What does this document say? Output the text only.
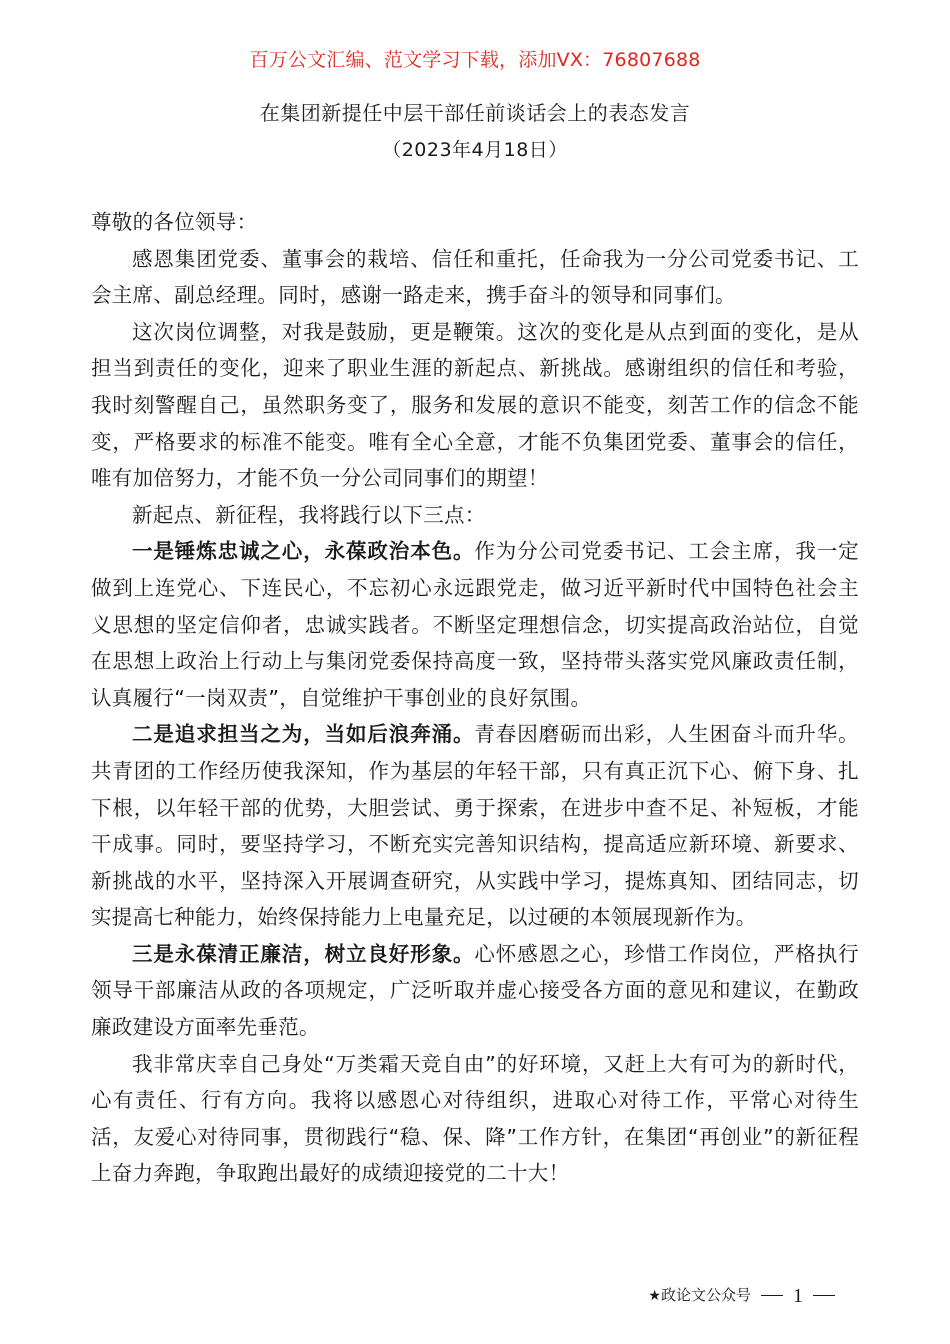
百万公文汇编、范文学习下载，添加VX：76807688
在集团新提任中层干部任前谈话会上的表态发言
（2023年4月18日）

尊敬的各位领导：

感恩集团党委、董事会的栽培、信任和重托，任命我为一分公司党委书记、工会主席、副总经理。同时，感谢一路走来，携手奋斗的领导和同事们。

这次岗位调整，对我是鼓励，更是鞭策。这次的变化是从点到面的变化，是从担当到责任的变化，迎来了职业生涯的新起点、新挑战。感谢组织的信任和考验，我时刻警醒自己，虽然职务变了，服务和发展的意识不能变，刻苦工作的信念不能变，严格要求的标准不能变。唯有全心全意，才能不负集团党委、董事会的信任，唯有加倍努力，才能不负一分公司同事们的期望！

新起点、新征程，我将践行以下三点：

一是锤炼忠诚之心，永葆政治本色。作为分公司党委书记、工会主席，我一定做到上连党心、下连民心，不忘初心永远跟党走，做习近平新时代中国特色社会主义思想的坚定信仰者，忠诚实践者。不断坚定理想信念，切实提高政治站位，自觉在思想上政治上行动上与集闭党委保持高度一致，坚持带头落实党风廉政责任制，认真履行“一岗双责”，自觉维护干事创业的良好氛围。

二是追求担当之为，当如后浪奔涌。青春因磨砺而出彩，人生困奋斗而升华。共青团的工作经历使我深知，作为基层的年轻干部，只有真正沉下心、俯下身、扎下根，以年轻干部的优势，大胆尝试、勇于探索，在进步中查不足、补短板，才能干成事。同时，要坚持学习，不断充实完善知识结构，提高适应新环境、新要求、新挑战的水平，坚持深入开展调查研究，从实践中学习，提炼真知、团结同志，切实提高七种能力，始终保持能力上电量充足，以过硬的本领展现新作为。

三是永葆清正廉洁，树立良好形象。心怀感恩之心，珍惜工作岗位，严格执行领导干部廉洁从政的各项规定，广泛听取并虚心接受各方面的意见和建议，在勤政廉政建设方面率先垂范。

我非常庆幸自己身处“万类霜天竞自由”的好环境，又赶上大有可为的新时代，心有责任、行有方向。我将以感恩心对待组织，进取心对待工作，平常心对待生活，友爱心对待同事，贯彻践行“稳、保、降”工作方针，在集团“再创业”的新征程上奋力奔跑，争取跑出最好的成绩迎接党的二十大！

★政论文公众号 1
